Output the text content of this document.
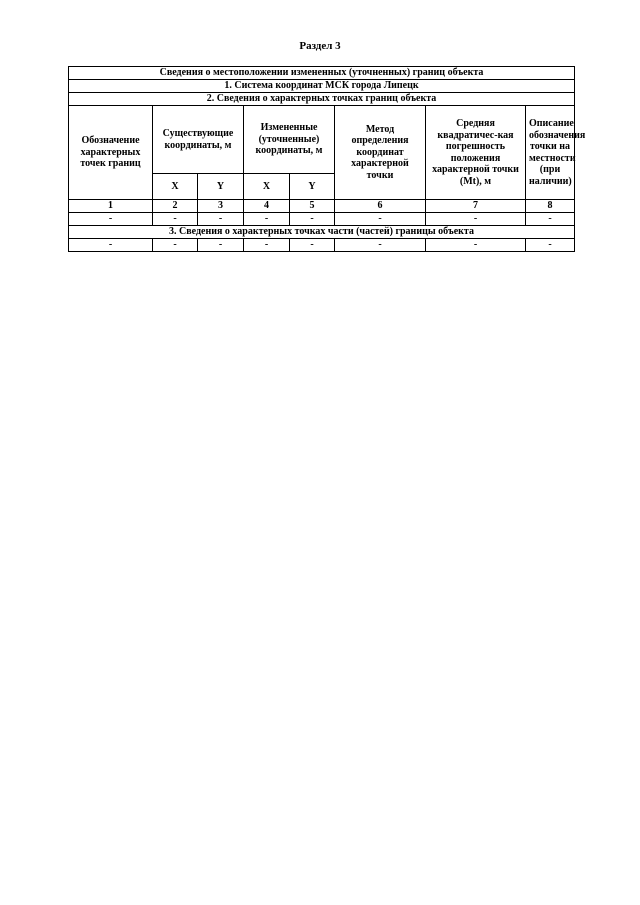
Раздел 3
Сведения о местоположении измененных (уточненных) границ объекта							
1. Система координат МСК города Липецк							
2. Сведения о характерных точках границ объекта							
Обозначение характерных точек границ	Существующие координаты, м		Измененные (уточненные) координаты, м		Метод определения координат характерной точки	Средняя квадратичес-кая погрешность положения характерной точки (Mt), м	Описание обозначения точки на местности (при наличии)
	X	Y	X	Y			
1	2	3	4	5	6	7	8
-	-	-	-	-	-	-	-
3. Сведения о характерных точках части (частей) границы объекта							
-	-	-	-	-	-	-	-
